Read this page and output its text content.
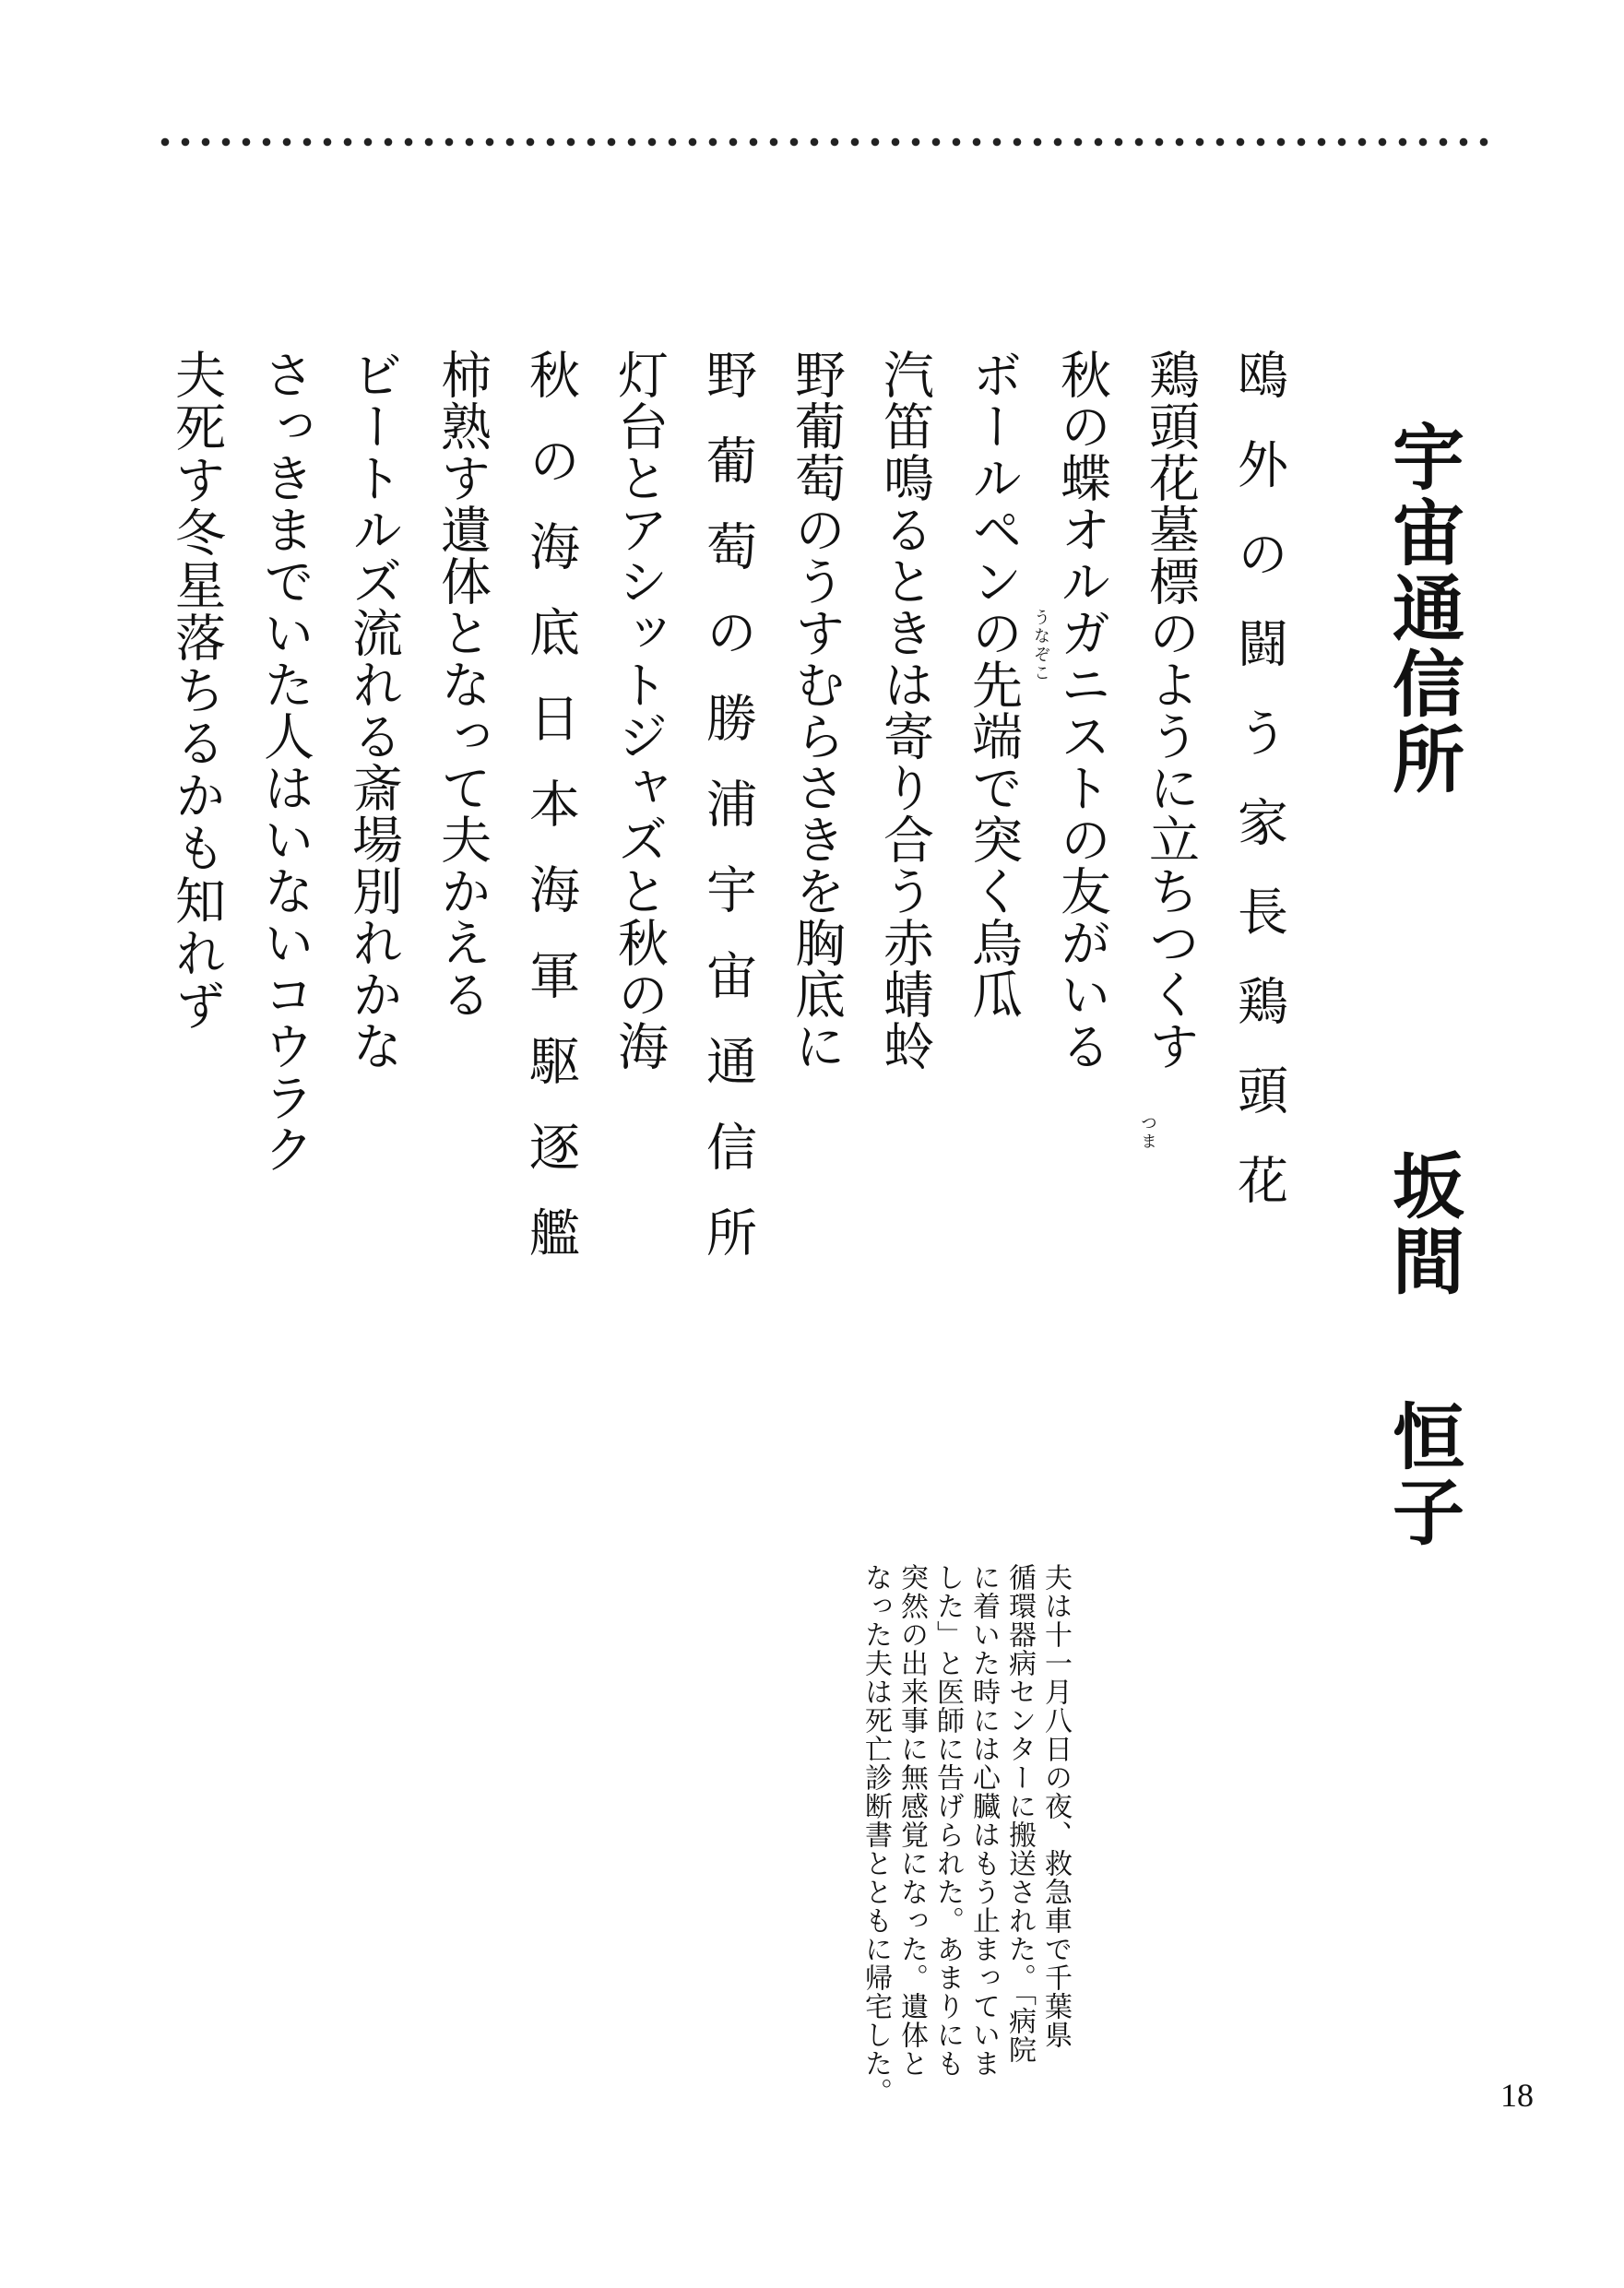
宇宙通信所
坂間恒子
鴎外の闘う家長鶏頭花
鶏頭花墓標のように立ちつくす
秋の蝶オルガニストの友がいる
ボールペンの先端で突く烏瓜
汽笛鳴るときは寄り合う赤蜻蛉
野葡萄のうすむらさきを胸底に
野葡萄の勝浦宇宙通信所
灯台とアシットジャズと秋の海
秋の海底日本海軍駆逐艦
柿熟す遺体となって夫かえる
ビートルズ流れる斎場別れかな
さっきまでいた人はいないコウラク
夫死す冬星落ちるかも知れず	うなぞこ
つま
夫は十一月八日の夜、救急車で千葉県
循環器病センターに搬送された。「病院
に着いた時には心臓はもう止まっていま
した」と医師に告げられた。あまりにも
突然の出来事に無感覚になった。遺体と
なった夫は死亡診断書とともに帰宅した。	18
